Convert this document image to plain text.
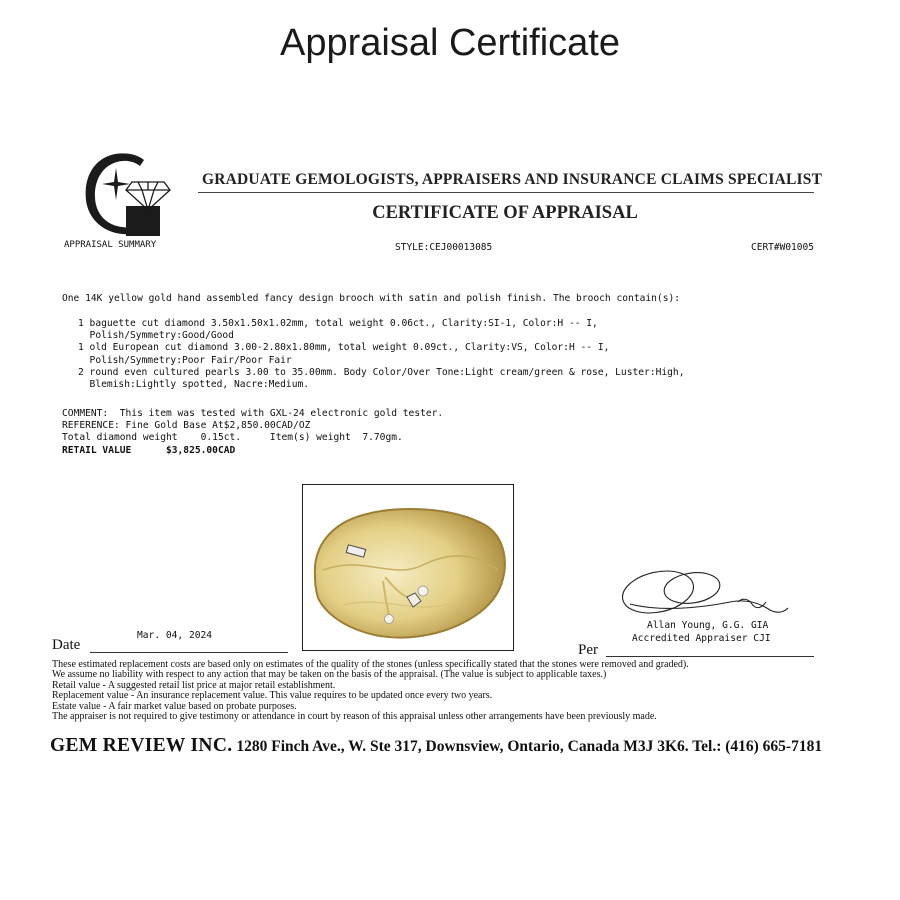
Appraisal Certificate
APPRAISAL SUMMARY
GRADUATE GEMOLOGISTS, APPRAISERS AND INSURANCE CLAIMS SPECIALIST
CERTIFICATE OF APPRAISAL
STYLE:CEJ00013085	CERT#W01005
One 14K yellow gold hand assembled fancy design brooch with satin and polish finish. The brooch contain(s):
1 baguette cut diamond 3.50x1.50x1.02mm, total weight 0.06ct., Clarity:SI-1, Color:H -- I,
Polish/Symmetry:Good/Good
1 old European cut diamond 3.00-2.80x1.80mm, total weight 0.09ct., Clarity:VS, Color:H -- I,
Polish/Symmetry:Poor Fair/Poor Fair
2 round even cultured pearls 3.00 to 35.00mm. Body Color/Over Tone:Light cream/green & rose, Luster:High,
Blemish:Lightly spotted, Nacre:Medium.
COMMENT:  This item was tested with GXL-24 electronic gold tester.
REFERENCE: Fine Gold Base At$2,850.00CAD/OZ
Total diamond weight    0.15ct.     Item(s) weight  7.70gm.
RETAIL VALUE      $3,825.00CAD
Allan Young, G.G. GIA
Accredited Appraiser CJI
Date
Mar. 04, 2024
Per
These estimated replacement costs are based only on estimates of the quality of the stones (unless specifically stated that the stones were removed and graded).
We assume no liability with respect to any action that may be taken on the basis of the appraisal. (The value is subject to applicable taxes.)
Retail value - A suggested retail list price at major retail establishment.
Replacement value - An insurance replacement value. This value requires to be updated once every two years.
Estate value - A fair market value based on probate purposes.
The appraiser is not required to give testimony or attendance in court by reason of this appraisal unless other arrangements have been previously made.
GEM REVIEW INC. 1280 Finch Ave., W. Ste 317, Downsview, Ontario, Canada M3J 3K6. Tel.: (416) 665-7181
